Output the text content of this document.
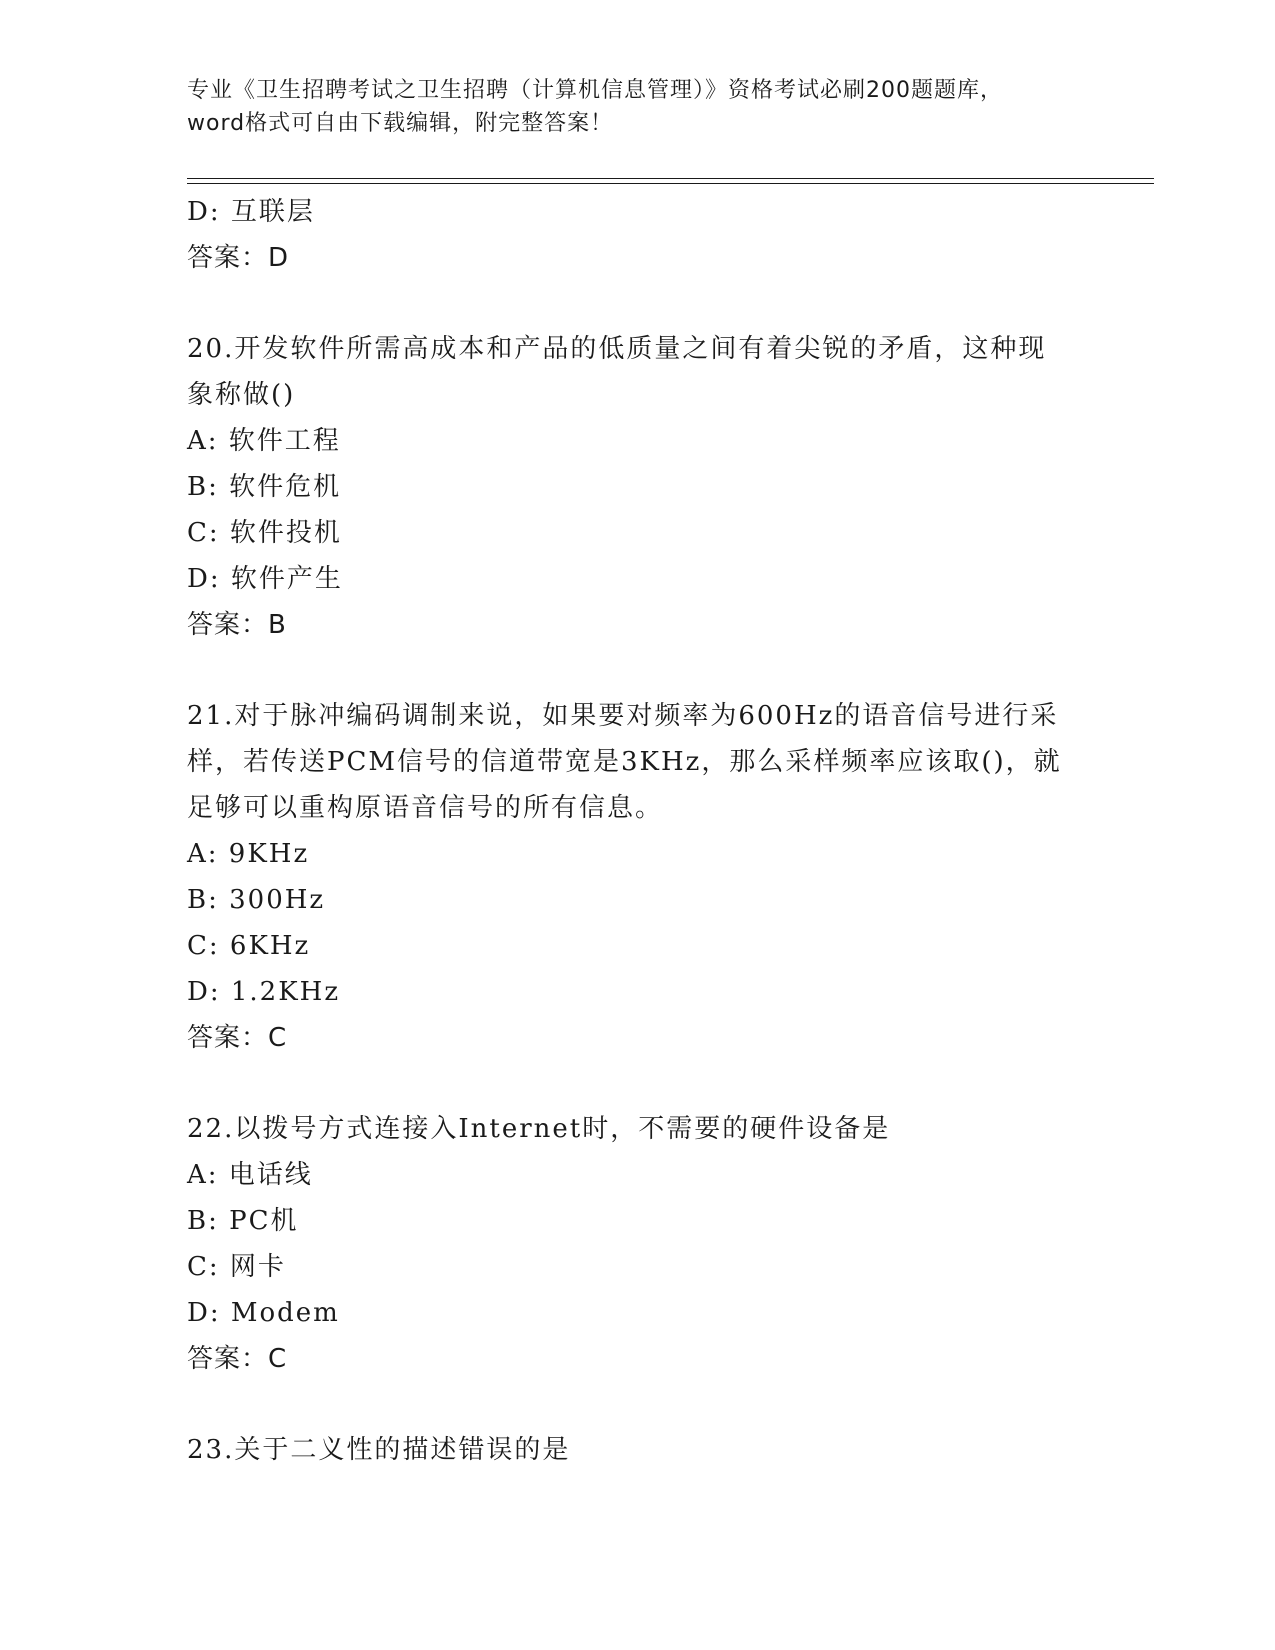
专业《卫生招聘考试之卫生招聘（计算机信息管理）》资格考试必刷200题题库，
word格式可自由下载编辑，附完整答案！
D: 互联层
答案：D
20.开发软件所需高成本和产品的低质量之间有着尖锐的矛盾，这种现
象称做()
A: 软件工程
B: 软件危机
C: 软件投机
D: 软件产生
答案：B
21.对于脉冲编码调制来说，如果要对频率为600Hz的语音信号进行采
样，若传送PCM信号的信道带宽是3KHz，那么采样频率应该取()，就
足够可以重构原语音信号的所有信息。
A: 9KHz
B: 300Hz
C: 6KHz
D: 1.2KHz
答案：C
22.以拨号方式连接入Internet时，不需要的硬件设备是
A: 电话线
B: PC机
C: 网卡
D: Modem
答案：C
23.关于二义性的描述错误的是
